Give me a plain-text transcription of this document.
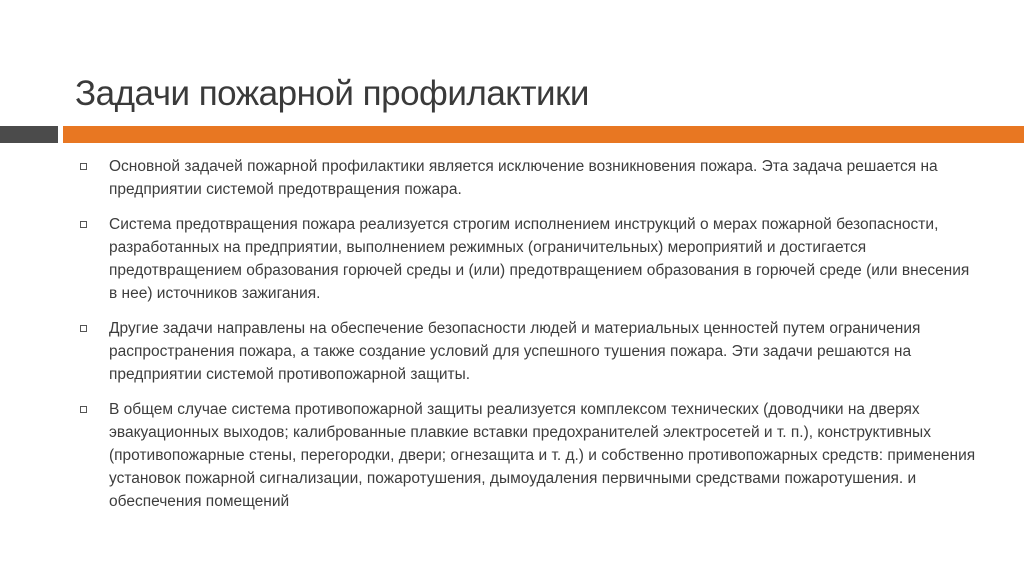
Задачи пожарной профилактики
Основной задачей пожарной профилактики является исключение возникновения пожара. Эта задача решается на предприятии системой предотвращения пожара.
Система предотвращения пожара реализуется строгим исполнением инструкций о мерах пожарной безопасности, разработанных на предприятии, выполнением режимных (ограничительных) мероприятий и достигается предотвращением образования горючей среды и (или) предотвращением образования в горючей среде (или внесения в нее) источников зажигания.
Другие задачи направлены на обеспечение безопасности людей и материальных ценностей путем ограничения распространения пожара, а также создание условий для успешного тушения пожара. Эти задачи решаются на предприятии системой противопожарной защиты.
В общем случае система противопожарной защиты реализуется комплексом технических (доводчики на дверях эвакуационных выходов; калиброванные плавкие вставки предохранителей электросетей и т. п.), конструктивных (противопожарные стены, перегородки, двери; огнезащита и т. д.) и собственно противопожарных средств: применения установок пожарной сигнализации, пожаротушения, дымоудаления первичными средствами пожаротушения. и обеспечения помещений
